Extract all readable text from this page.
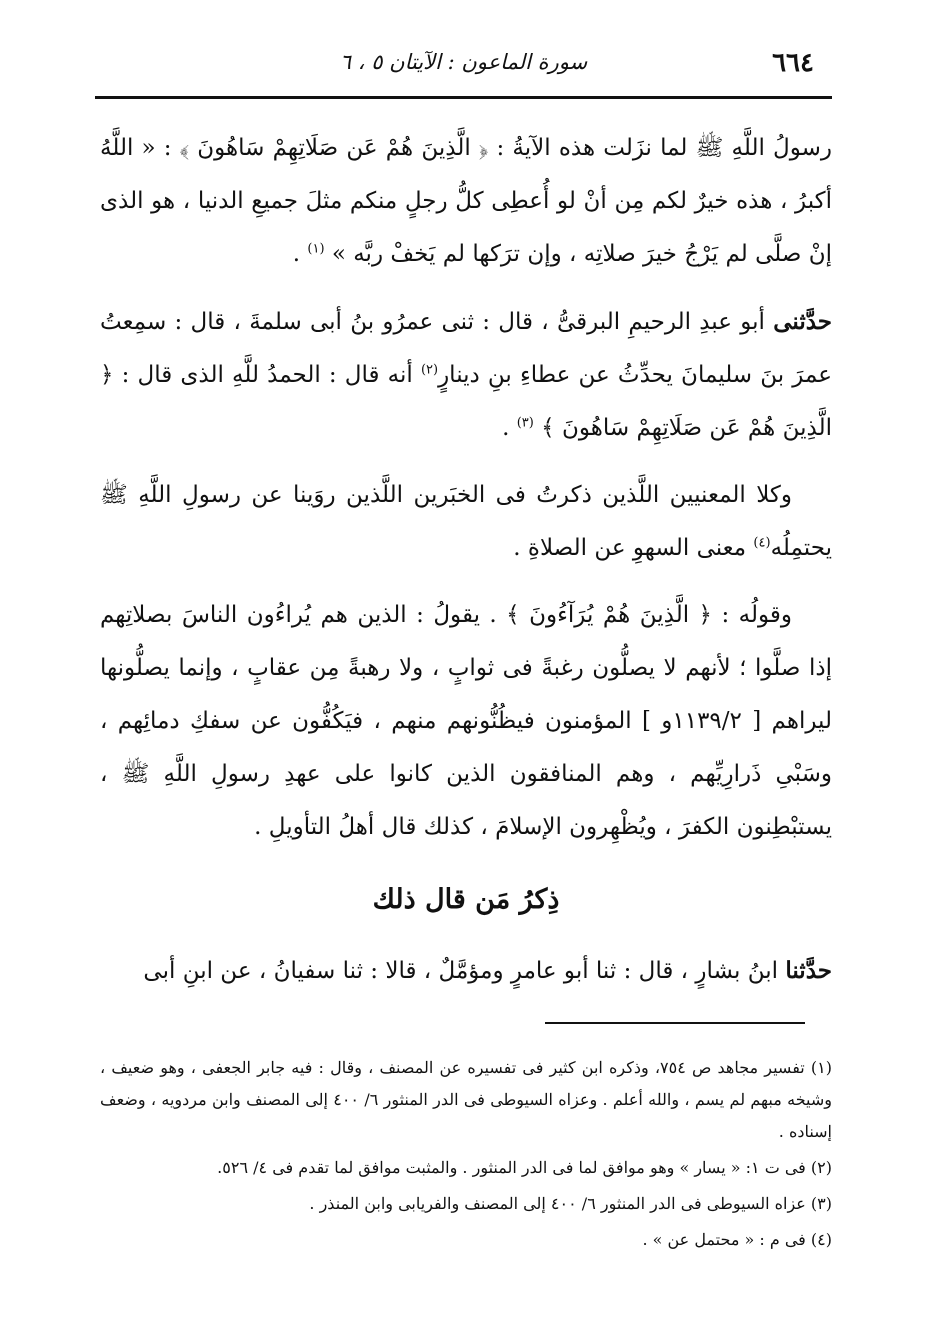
٦٦٤
سورة الماعون : الآيتان ٥ ، ٦

رسولُ اللَّهِ ﷺ لما نزَلت هذه الآيةُ : ﴿ الَّذِينَ هُمْ عَن صَلَاتِهِمْ سَاهُونَ ﴾ : « اللَّهُ أكبرُ ، هذه خيرٌ لكم مِن أنْ لو أُعطِى كلُّ رجلٍ منكم مثلَ جميعِ الدنيا ، هو الذى إنْ صلَّى لم يَرْجُ خيرَ صلاتِه ، وإن ترَكها لم يَخفْ ربَّه » $^{(١)}$ .

حدَّثنى أبو عبدِ الرحيمِ البرقىُّ ، قال : ثنى عمرُو بنُ أبى سلمةَ ، قال : سمِعتُ عمرَ بنَ سليمانَ يحدِّثُ عن عطاءِ بنِ دينارٍ$^{(٢)}$ أنه قال : الحمدُ للَّهِ الذى قال : ﴿ الَّذِينَ هُمْ عَن صَلَاتِهِمْ سَاهُونَ ﴾ $^{(٣)}$ .

وكلا المعنيين اللَّذين ذكرتُ فى الخبَرين اللَّذين روَينا عن رسولِ اللَّهِ ﷺ يحتمِلُه$^{(٤)}$ معنى السهوِ عن الصلاةِ .

وقولُه : ﴿ الَّذِينَ هُمْ يُرَآءُونَ ﴾ . يقولُ : الذين هم يُراءُون الناسَ بصلاتِهم إذا صلَّوا ؛ لأنهم لا يصلُّون رغبةً فى ثوابٍ ، ولا رهبةً مِن عقابٍ ، وإنما يصلُّونها ليراهم [ ١١٣٩/٢و ] المؤمنون فيظُنُّونهم منهم ، فيَكُفُّون عن سفكِ دمائِهم ، وسَبْىِ ذَرارِيِّهم ، وهم المنافقون الذين كانوا على عهدِ رسولِ اللَّهِ ﷺ ، يستبْطِنون الكفرَ ، ويُظْهِرون الإسلامَ ، كذلك قال أهلُ التأويلِ .

ذِكرُ مَن قال ذلك

حدَّثنا ابنُ بشارٍ ، قال : ثنا أبو عامرٍ ومؤمَّلٌ ، قالا : ثنا سفيانُ ، عن ابنِ أبى

(١) تفسير مجاهد ص ٧٥٤، وذكره ابن كثير فى تفسيره عن المصنف ، وقال : فيه جابر الجعفى ، وهو ضعيف ، وشيخه مبهم لم يسم ، والله أعلم . وعزاه السيوطى فى الدر المنثور ٦/ ٤٠٠ إلى المصنف وابن مردويه ، وضعف إسناده .

(٢) فى ت ١: « يسار » وهو موافق لما فى الدر المنثور . والمثبت موافق لما تقدم فى ٤/ ٥٢٦.

(٣) عزاه السيوطى فى الدر المنثور ٦/ ٤٠٠ إلى المصنف والفريابى وابن المنذر .

(٤) فى م : « محتمل عن » .
